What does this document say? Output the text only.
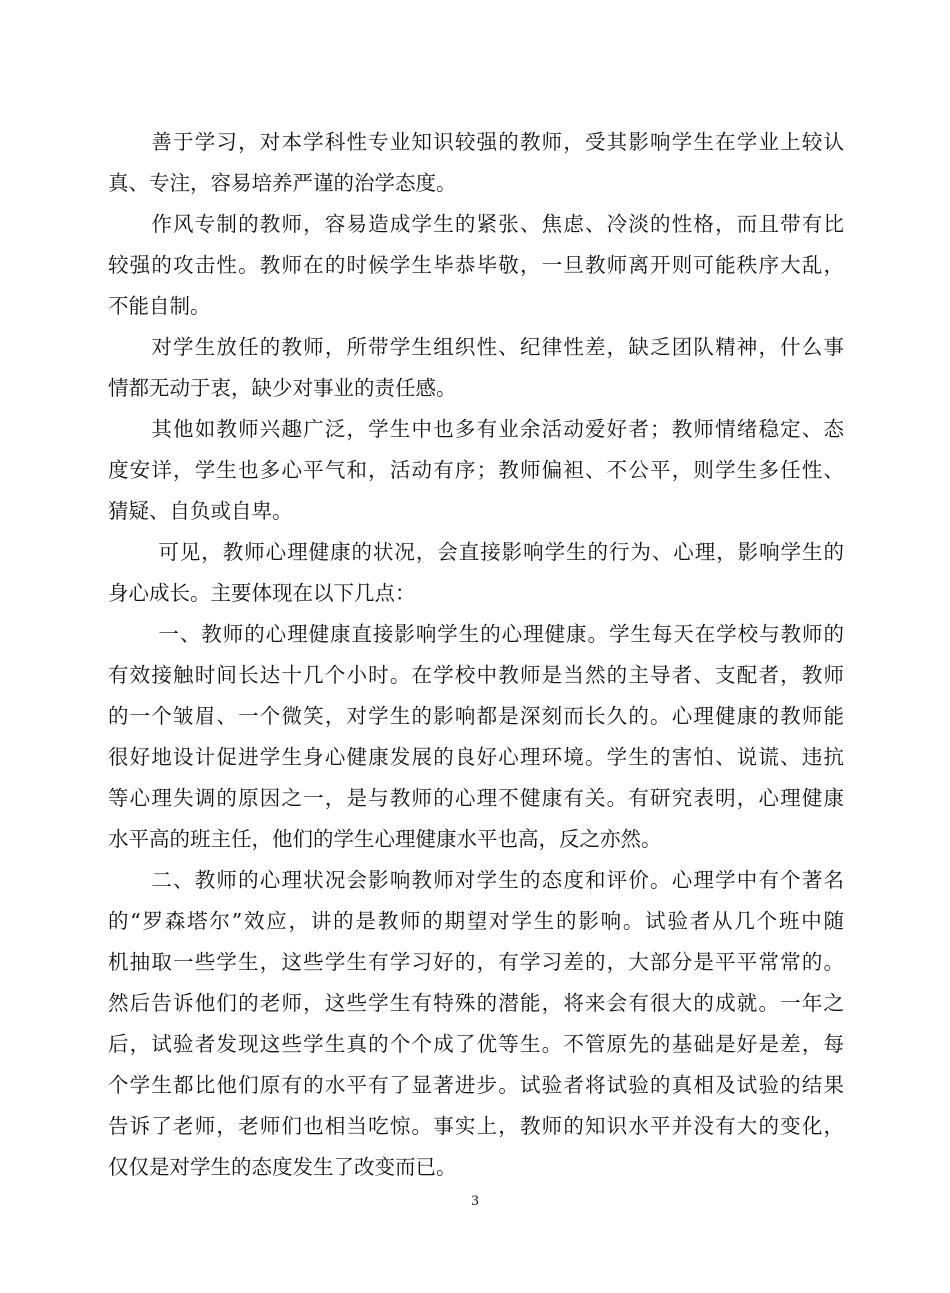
　　善于学习，对本学科性专业知识较强的教师，受其影响学生在学业上较认
真、专注，容易培养严谨的治学态度。
　　作风专制的教师，容易造成学生的紧张、焦虑、冷淡的性格，而且带有比
较强的攻击性。教师在的时候学生毕恭毕敬，一旦教师离开则可能秩序大乱，
不能自制。
　　对学生放任的教师，所带学生组织性、纪律性差，缺乏团队精神，什么事
情都无动于衷，缺少对事业的责任感。
　　其他如教师兴趣广泛，学生中也多有业余活动爱好者；教师情绪稳定、态
度安详，学生也多心平气和，活动有序；教师偏袒、不公平，则学生多任性、
猜疑、自负或自卑。
　　 可见，教师心理健康的状况，会直接影响学生的行为、心理，影响学生的
身心成长。主要体现在以下几点：
　　 一、教师的心理健康直接影响学生的心理健康。学生每天在学校与教师的
有效接触时间长达十几个小时。在学校中教师是当然的主导者、支配者，教师
的一个皱眉、一个微笑，对学生的影响都是深刻而长久的。心理健康的教师能
很好地设计促进学生身心健康发展的良好心理环境。学生的害怕、说谎、违抗
等心理失调的原因之一，是与教师的心理不健康有关。有研究表明，心理健康
水平高的班主任，他们的学生心理健康水平也高，反之亦然。
　　二、教师的心理状况会影响教师对学生的态度和评价。心理学中有个著名
的“罗森塔尔”效应，讲的是教师的期望对学生的影响。试验者从几个班中随
机抽取一些学生，这些学生有学习好的，有学习差的，大部分是平平常常的。
然后告诉他们的老师，这些学生有特殊的潜能，将来会有很大的成就。一年之
后，试验者发现这些学生真的个个成了优等生。不管原先的基础是好是差，每
个学生都比他们原有的水平有了显著进步。试验者将试验的真相及试验的结果
告诉了老师，老师们也相当吃惊。事实上，教师的知识水平并没有大的变化，
仅仅是对学生的态度发生了改变而已。
3
